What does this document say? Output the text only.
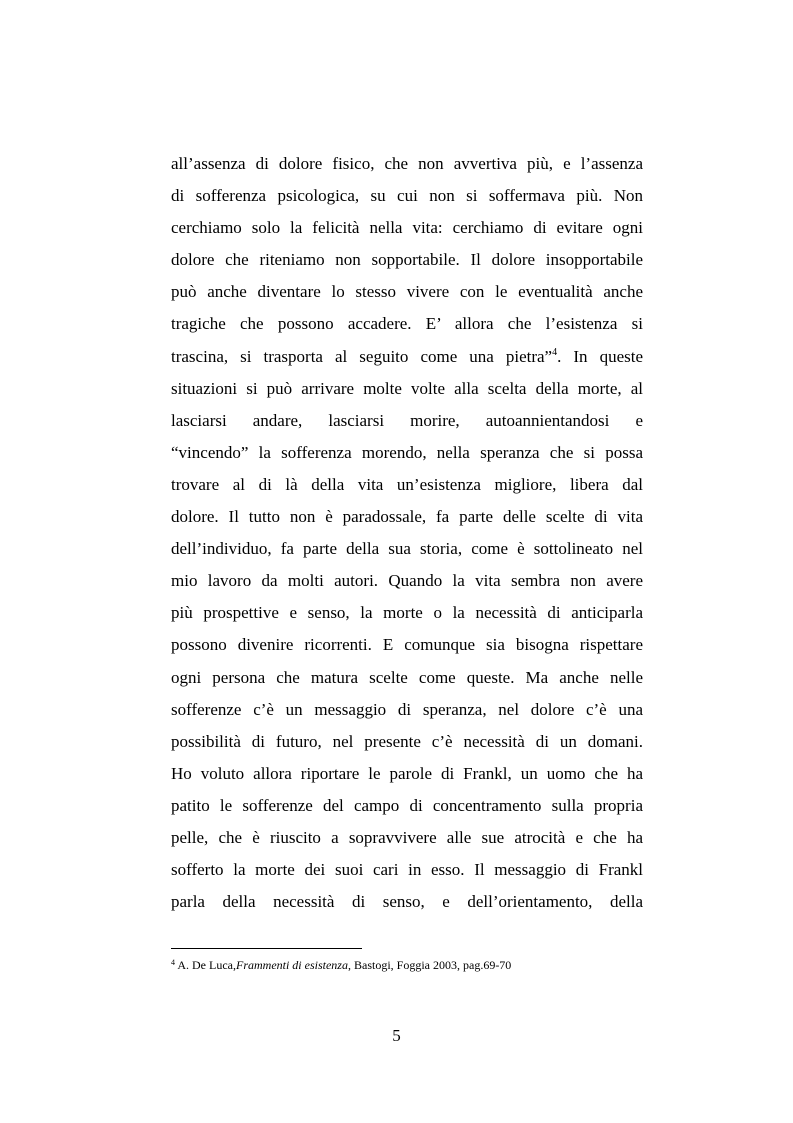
all’assenza di dolore fisico, che non avvertiva più, e l’assenza
di sofferenza psicologica, su cui non si soffermava più. Non
cerchiamo solo la felicità nella vita: cerchiamo di evitare ogni
dolore che riteniamo non sopportabile. Il dolore insopportabile
può anche diventare lo stesso vivere con le eventualità anche
tragiche che possono accadere. E’ allora che l’esistenza si
trascina, si trasporta al seguito come una pietra”$^4$. In queste
situazioni si può arrivare molte volte alla scelta della morte, al
lasciarsi andare, lasciarsi morire, autoannientandosi e
“vincendo” la sofferenza morendo, nella speranza che si possa
trovare al di là della vita un’esistenza migliore, libera dal
dolore. Il tutto non è paradossale, fa parte delle scelte di vita
dell’individuo, fa parte della sua storia, come è sottolineato nel
mio lavoro da molti autori. Quando la vita sembra non avere
più prospettive e senso, la morte o la necessità di anticiparla
possono divenire ricorrenti. E comunque sia bisogna rispettare
ogni persona che matura scelte come queste. Ma anche nelle
sofferenze c’è un messaggio di speranza, nel dolore c’è una
possibilità di futuro, nel presente c’è necessità di un domani.
Ho voluto allora riportare le parole di Frankl, un uomo che ha
patito le sofferenze del campo di concentramento sulla propria
pelle, che è riuscito a sopravvivere alle sue atrocità e che ha
sofferto la morte dei suoi cari in esso. Il messaggio di Frankl
parla della necessità di senso, e dell’orientamento, della
$^4$ A. De Luca,Frammenti di esistenza, Bastogi, Foggia 2003, pag.69-70
5
